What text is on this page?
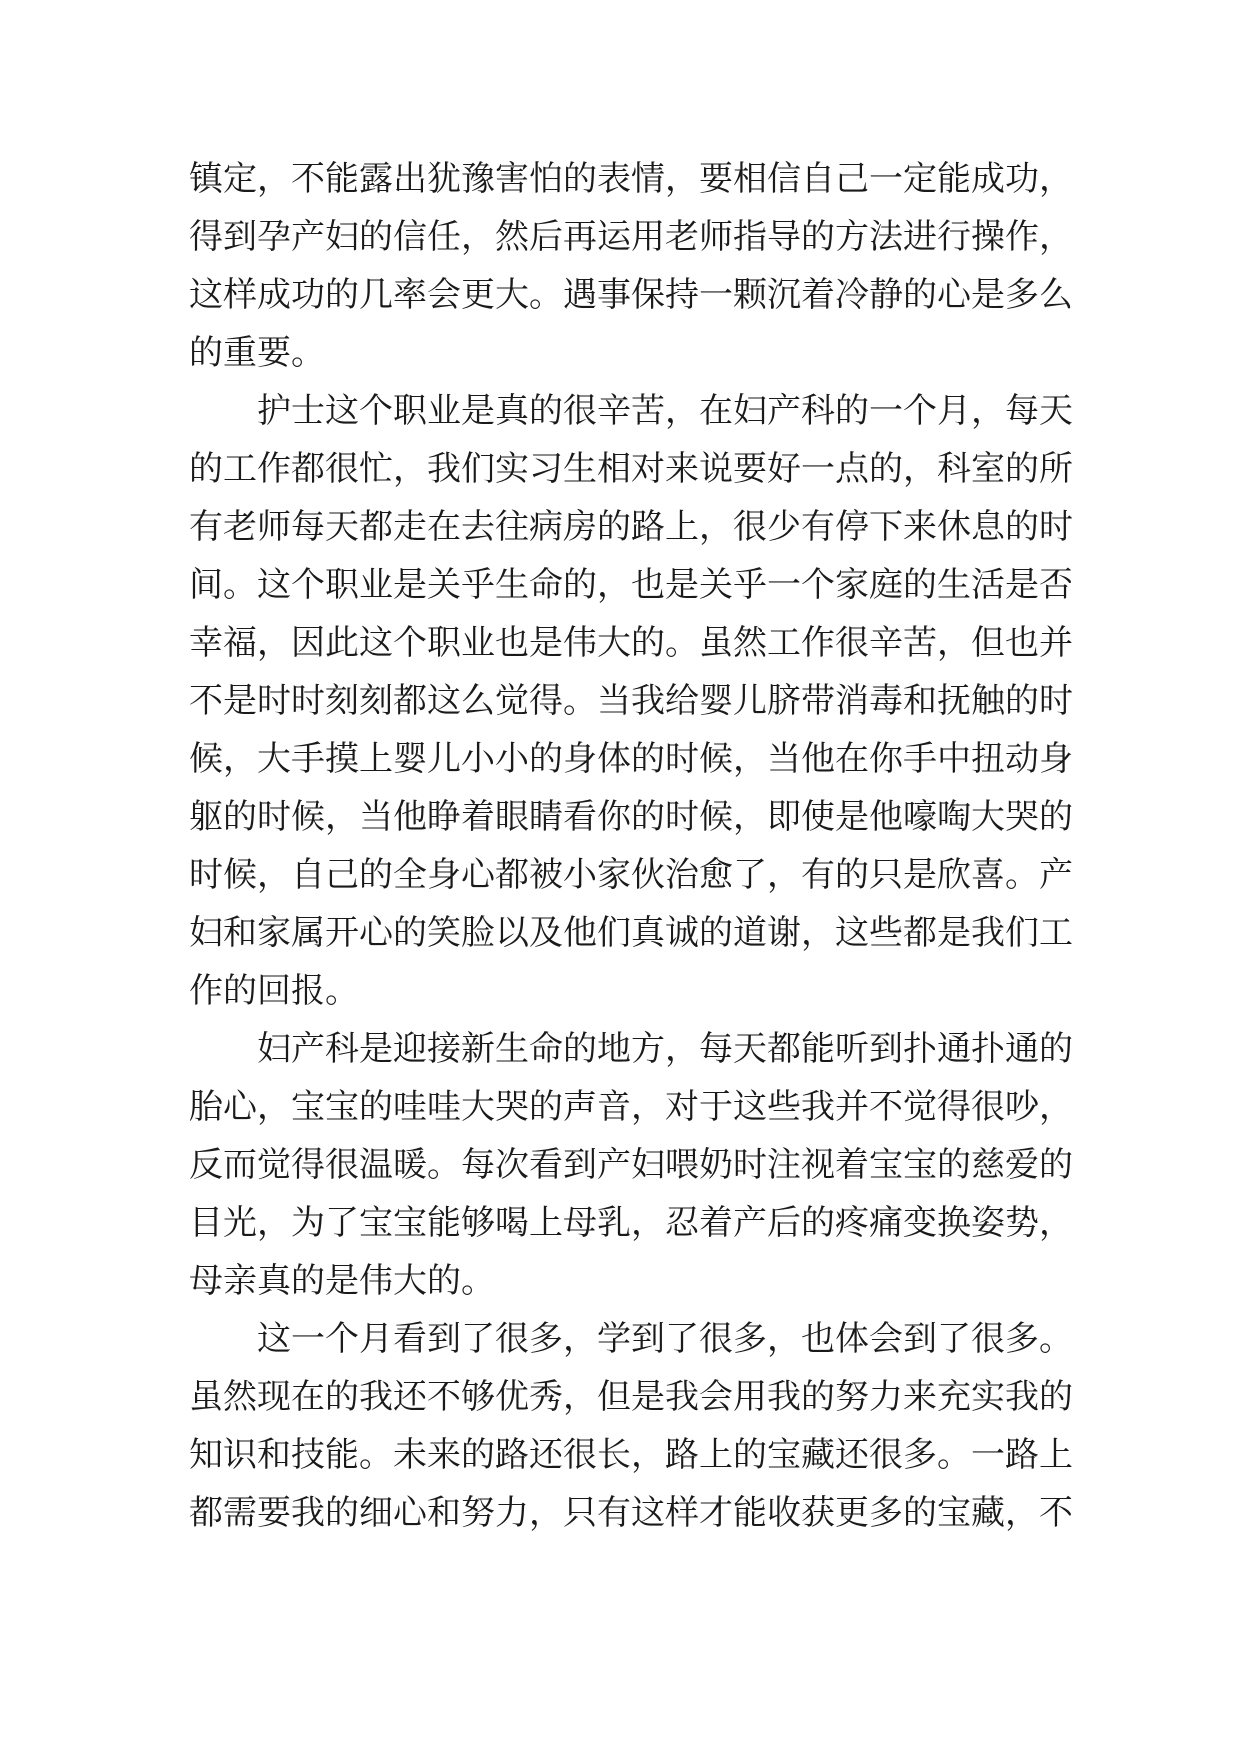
镇定，不能露出犹豫害怕的表情，要相信自己一定能成功，
得到孕产妇的信任，然后再运用老师指导的方法进行操作，
这样成功的几率会更大。遇事保持一颗沉着冷静的心是多么
的重要。
护士这个职业是真的很辛苦，在妇产科的一个月，每天
的工作都很忙，我们实习生相对来说要好一点的，科室的所
有老师每天都走在去往病房的路上，很少有停下来休息的时
间。这个职业是关乎生命的，也是关乎一个家庭的生活是否
幸福，因此这个职业也是伟大的。虽然工作很辛苦，但也并
不是时时刻刻都这么觉得。当我给婴儿脐带消毒和抚触的时
候，大手摸上婴儿小小的身体的时候，当他在你手中扭动身
躯的时候，当他睁着眼睛看你的时候，即使是他嚎啕大哭的
时候，自己的全身心都被小家伙治愈了，有的只是欣喜。产
妇和家属开心的笑脸以及他们真诚的道谢，这些都是我们工
作的回报。
妇产科是迎接新生命的地方，每天都能听到扑通扑通的
胎心，宝宝的哇哇大哭的声音，对于这些我并不觉得很吵，
反而觉得很温暖。每次看到产妇喂奶时注视着宝宝的慈爱的
目光，为了宝宝能够喝上母乳，忍着产后的疼痛变换姿势，
母亲真的是伟大的。
这一个月看到了很多，学到了很多，也体会到了很多。
虽然现在的我还不够优秀，但是我会用我的努力来充实我的
知识和技能。未来的路还很长，路上的宝藏还很多。一路上
都需要我的细心和努力，只有这样才能收获更多的宝藏，不
